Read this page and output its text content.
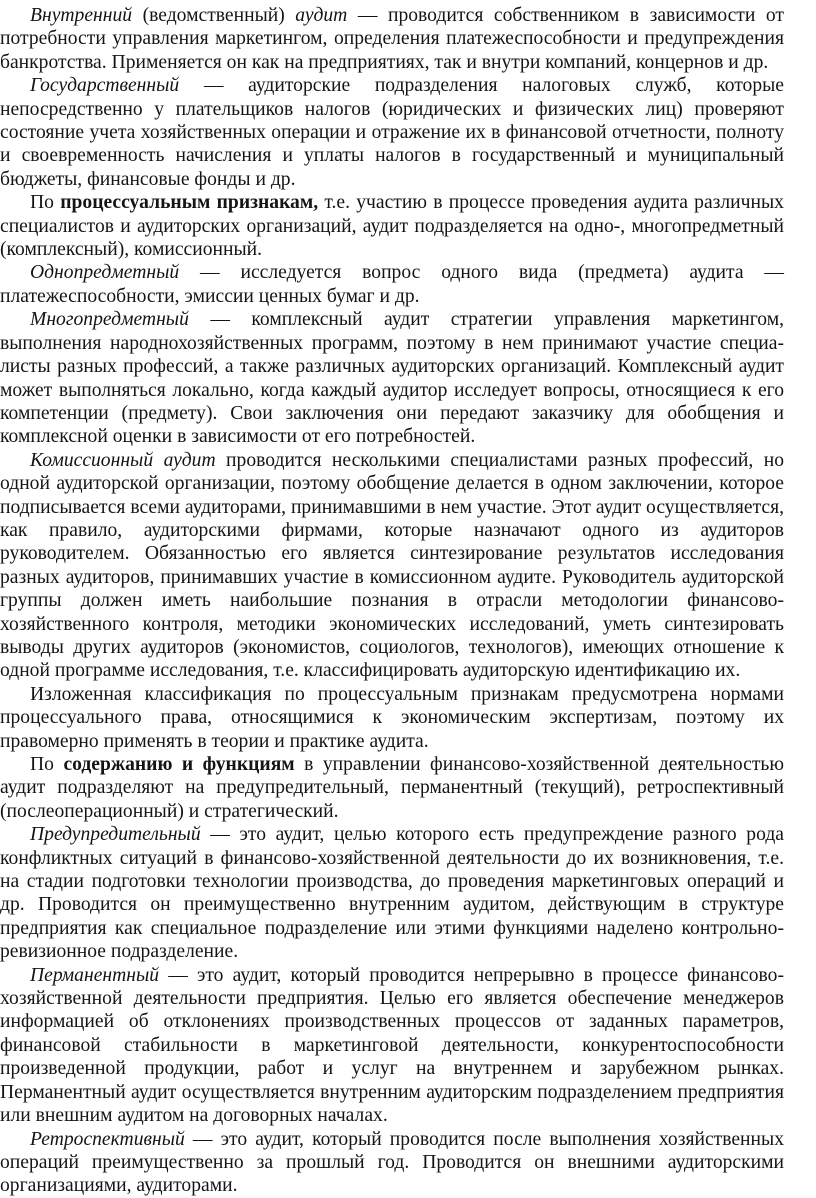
Внутренний (ведомственный) аудит — проводится собственником в зависимости от потребности управления маркетингом, определения платежеспособности и предупреждения банкротства. Применяется он как на предприятиях, так и внутри компаний, концернов и др.

Государственный — аудиторские подразделения налоговых служб, которые непосредственно у плательщиков налогов (юридических и физических лиц) проверяют состояние учета хозяйственных операции и отражение их в финансовой отчетности, полноту и своевременность начисления и уплаты налогов в государственный и муниципальный бюджеты, финансовые фонды и др.

По процессуальным признакам, т.е. участию в процессе проведения аудита различных специалистов и аудиторских организаций, аудит подразделяется на одно-, многопредметный (комплексный), комиссионный.

Однопредметный — исследуется вопрос одного вида (предмета) аудита — платежеспособности, эмиссии ценных бумаг и др.

Многопредметный — комплексный аудит стратегии управления маркетингом, выполнения народнохозяйственных программ, поэтому в нем принимают участие специалисты разных профессий, а также различных аудиторских организаций. Комплексный аудит может выполняться локально, когда каждый аудитор исследует вопросы, относящиеся к его компетенции (предмету). Свои заключения они передают заказчику для обобщения и комплексной оценки в зависимости от его потребностей.

Комиссионный аудит проводится несколькими специалистами разных профессий, но одной аудиторской организации, поэтому обобщение делается в одном заключении, которое подписывается всеми аудиторами, принимавшими в нем участие. Этот аудит осуществляется, как правило, аудиторскими фирмами, которые назначают одного из аудиторов руководителем. Обязанностью его является синтезирование результатов исследования разных аудиторов, принимавших участие в комиссионном аудите. Руководитель аудиторской группы должен иметь наибольшие познания в отрасли методологии финансово-хозяйственного контроля, методики экономических исследований, уметь синтезировать выводы других аудиторов (экономистов, социологов, технологов), имеющих отношение к одной программе исследования, т.е. классифицировать аудиторскую идентификацию их.

Изложенная классификация по процессуальным признакам предусмотрена нормами процессуального права, относящимися к экономическим экспертизам, поэтому их правомерно применять в теории и практике аудита.

По содержанию и функциям в управлении финансово-хозяйственной деятельностью аудит подразделяют на предупредительный, перманентный (текущий), ретроспективный (послеоперационный) и стратегический.

Предупредительный — это аудит, целью которого есть предупреждение разного рода конфликтных ситуаций в финансово-хозяйственной деятельности до их возникновения, т.е. на стадии подготовки технологии производства, до проведения маркетинговых операций и др. Проводится он преимущественно внутренним аудитом, действующим в структуре предприятия как специальное подразделение или этими функциями наделено контрольно-ревизионное подразделение.

Перманентный — это аудит, который проводится непрерывно в процессе финансово-хозяйственной деятельности предприятия. Целью его является обеспечение менеджеров информацией об отклонениях производственных процессов от заданных параметров, финансовой стабильности в маркетинговой деятельности, конкурентоспособности произведенной продукции, работ и услуг на внутреннем и зарубежном рынках. Перманентный аудит осуществляется внутренним аудиторским подразделением предприятия или внешним аудитом на договорных началах.

Ретроспективный — это аудит, который проводится после выполнения хозяйственных операций преимущественно за прошлый год. Проводится он внешними аудиторскими организациями, аудиторами.
